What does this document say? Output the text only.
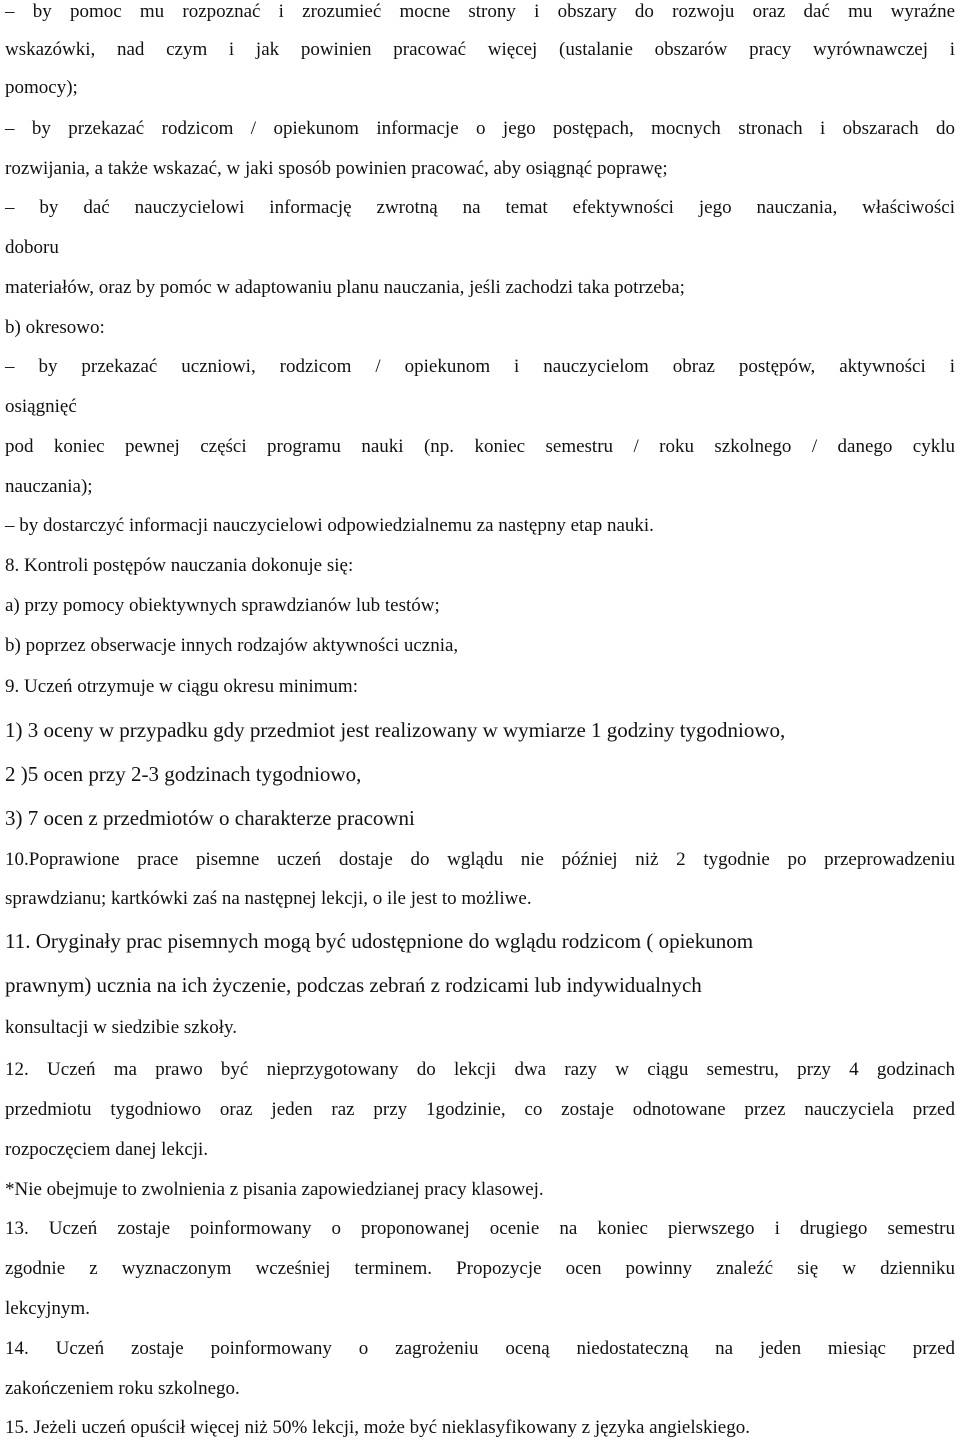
– by pomoc mu rozpoznać i zrozumieć mocne strony i obszary do rozwoju oraz dać mu wyraźne
wskazówki, nad czym i jak powinien pracować więcej (ustalanie obszarów pracy wyrównawczej i
pomocy);
– by przekazać rodzicom / opiekunom informacje o jego postępach, mocnych stronach i obszarach do
rozwijania, a także wskazać, w jaki sposób powinien pracować, aby osiągnąć poprawę;
– by dać nauczycielowi informację zwrotną na temat efektywności jego nauczania, właściwości
doboru
materiałów, oraz by pomóc w adaptowaniu planu nauczania, jeśli zachodzi taka potrzeba;
b) okresowo:
– by przekazać uczniowi, rodzicom / opiekunom i nauczycielom obraz postępów, aktywności i
osiągnięć
pod koniec pewnej części programu nauki (np. koniec semestru / roku szkolnego / danego cyklu
nauczania);
– by dostarczyć informacji nauczycielowi odpowiedzialnemu za następny etap nauki.
8. Kontroli postępów nauczania dokonuje się:
a) przy pomocy obiektywnych sprawdzianów lub testów;
b) poprzez obserwacje innych rodzajów aktywności ucznia,
9. Uczeń otrzymuje w ciągu okresu minimum:
1) 3 oceny w przypadku gdy przedmiot jest realizowany w wymiarze 1 godziny tygodniowo,
2 )5 ocen przy 2-3 godzinach tygodniowo,
3) 7 ocen z przedmiotów o charakterze pracowni
10.Poprawione prace pisemne uczeń dostaje do wglądu nie później niż 2 tygodnie po przeprowadzeniu
sprawdzianu; kartkówki zaś na następnej lekcji, o ile jest to możliwe.
11. Oryginały prac pisemnych mogą być udostępnione do wglądu rodzicom ( opiekunom
prawnym) ucznia na ich życzenie, podczas zebrań z rodzicami lub indywidualnych
konsultacji w siedzibie szkoły.
12. Uczeń ma prawo być nieprzygotowany do lekcji dwa razy w ciągu semestru, przy 4 godzinach
przedmiotu tygodniowo oraz jeden raz przy 1godzinie, co zostaje odnotowane przez nauczyciela przed
rozpoczęciem danej lekcji.
*Nie obejmuje to zwolnienia z pisania zapowiedzianej pracy klasowej.
13. Uczeń zostaje poinformowany o proponowanej ocenie na koniec pierwszego i drugiego semestru
zgodnie z wyznaczonym wcześniej terminem. Propozycje ocen powinny znaleźć się w dzienniku
lekcyjnym.
14. Uczeń zostaje poinformowany o zagrożeniu oceną niedostateczną na jeden miesiąc przed
zakończeniem roku szkolnego.
15. Jeżeli uczeń opuścił więcej niż 50% lekcji, może być nieklasyfikowany z języka angielskiego.
